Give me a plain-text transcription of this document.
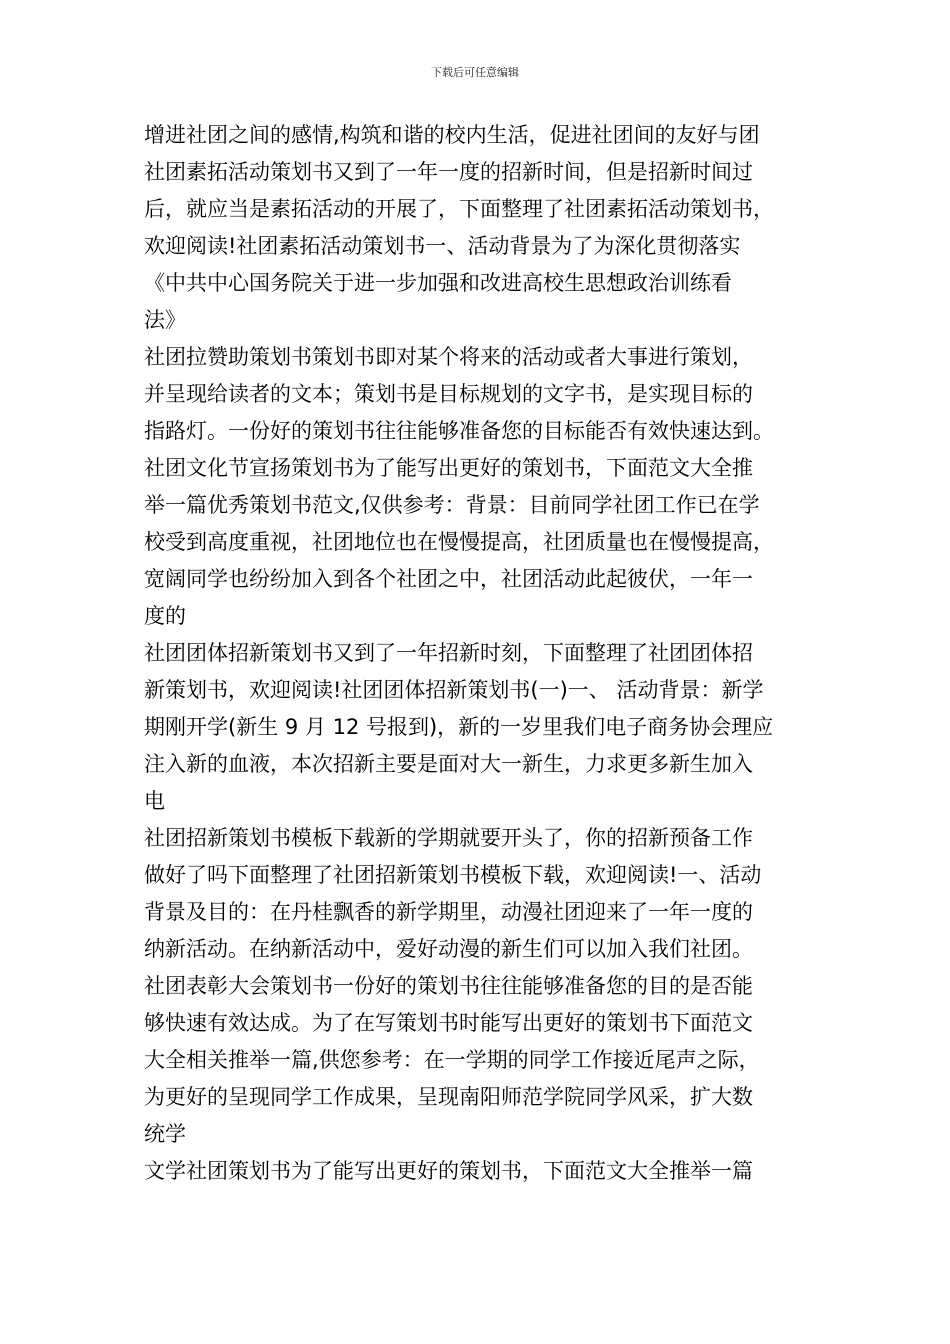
下载后可任意编辑
增进社团之间的感情,构筑和谐的校内生活，促进社团间的友好与团
社团素拓活动策划书又到了一年一度的招新时间，但是招新时间过
后，就应当是素拓活动的开展了，下面整理了社团素拓活动策划书，
欢迎阅读!社团素拓活动策划书一、活动背景为了为深化贯彻落实
《中共中心国务院关于进一步加强和改进高校生思想政治训练看
法》
社团拉赞助策划书策划书即对某个将来的活动或者大事进行策划，
并呈现给读者的文本；策划书是目标规划的文字书，是实现目标的
指路灯。一份好的策划书往往能够准备您的目标能否有效快速达到。
社团文化节宣扬策划书为了能写出更好的策划书，下面范文大全推
举一篇优秀策划书范文,仅供参考：背景：目前同学社团工作已在学
校受到高度重视，社团地位也在慢慢提高，社团质量也在慢慢提高，
宽阔同学也纷纷加入到各个社团之中，社团活动此起彼伏，一年一
度的
社团团体招新策划书又到了一年招新时刻，下面整理了社团团体招
新策划书，欢迎阅读!社团团体招新策划书(一)一、 活动背景：新学
期刚开学(新生 9 月 12 号报到)，新的一岁里我们电子商务协会理应
注入新的血液，本次招新主要是面对大一新生，力求更多新生加入
电
社团招新策划书模板下载新的学期就要开头了，你的招新预备工作
做好了吗下面整理了社团招新策划书模板下载，欢迎阅读!一、活动
背景及目的：在丹桂飘香的新学期里，动漫社团迎来了一年一度的
纳新活动。在纳新活动中，爱好动漫的新生们可以加入我们社团。
社团表彰大会策划书一份好的策划书往往能够准备您的目的是否能
够快速有效达成。为了在写策划书时能写出更好的策划书下面范文
大全相关推举一篇,供您参考：在一学期的同学工作接近尾声之际，
为更好的呈现同学工作成果，呈现南阳师范学院同学风采，扩大数
统学
文学社团策划书为了能写出更好的策划书，下面范文大全推举一篇
